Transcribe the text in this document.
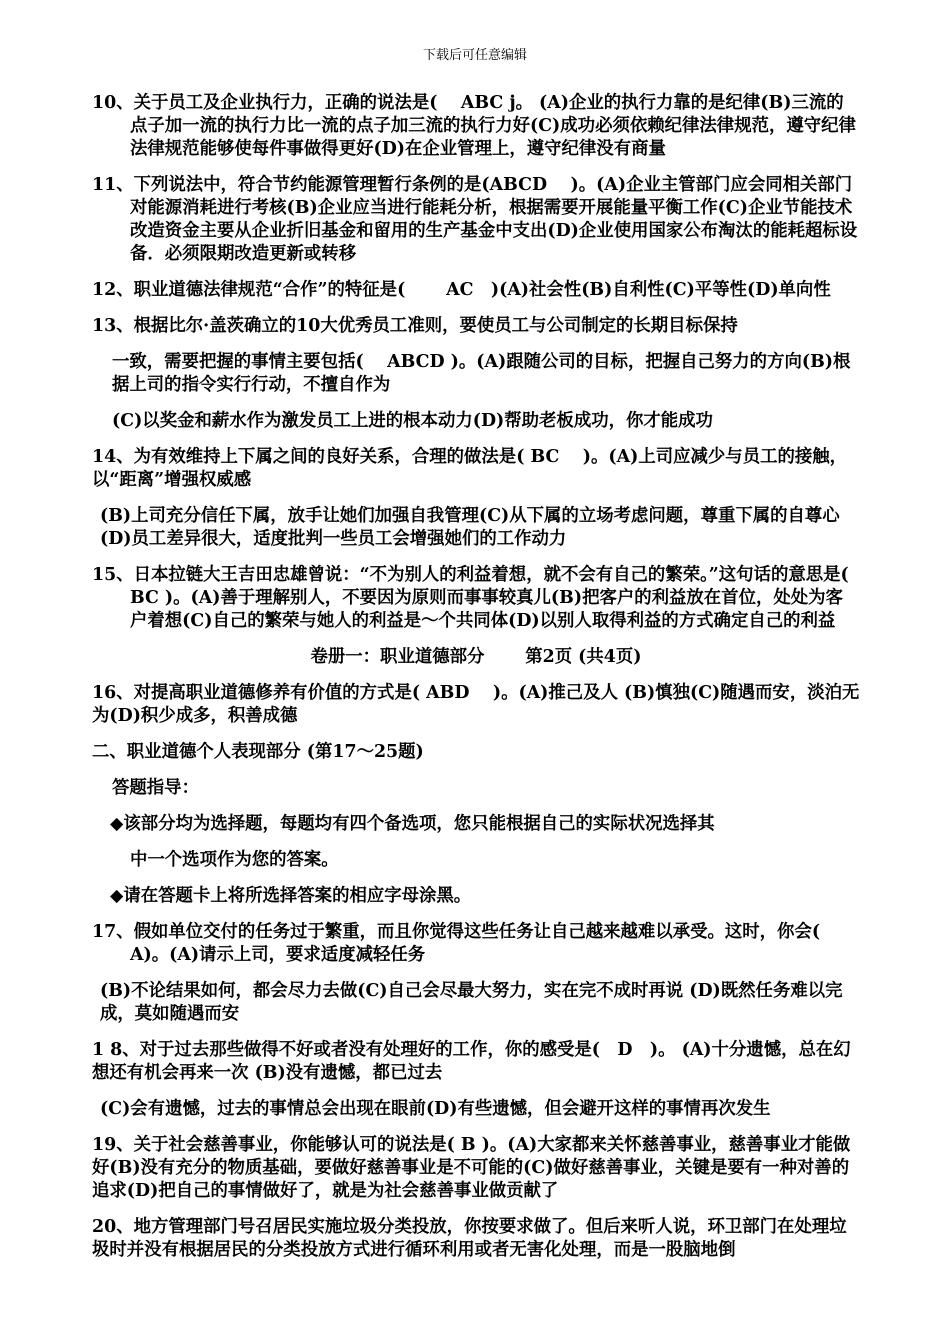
下载后可任意编辑

10、关于员工及企业执行力，正确的说法是(　 ABC j。 (A)企业的执行力靠的是纪律(B)三流的点子加一流的执行力比一流的点子加三流的执行力好(C)成功必须依赖纪律法律规范，遵守纪律法律规范能够使每件事做得更好(D)在企业管理上，遵守纪律没有商量

11、下列说法中，符合节约能源管理暂行条例的是(ABCD　 )。(A)企业主管部门应会同相关部门对能源消耗进行考核(B)企业应当进行能耗分析，根据需要开展能量平衡工作(C)企业节能技术改造资金主要从企业折旧基金和留用的生产基金中支出(D)企业使用国家公布淘汰的能耗超标设备．必须限期改造更新或转移

12、职业道德法律规范“合作”的特征是(　　 AC　)(A)社会性(B)自利性(C)平等性(D)单向性

13、根据比尔·盖茨确立的10大优秀员工准则，要使员工与公司制定的长期目标保持

一致，需要把握的事情主要包括(　 ABCD )。(A)跟随公司的目标，把握自己努力的方向(B)根据上司的指令实行行动，不擅自作为

(C)以奖金和薪水作为激发员工上进的根本动力(D)帮助老板成功，你才能成功

14、为有效维持上下属之间的良好关系，合理的做法是( BC　 )。(A)上司应减少与员工的接触，以“距离”增强权威感

(B)上司充分信任下属，放手让她们加强自我管理(C)从下属的立场考虑问题，尊重下属的自尊心(D)员工差异很大，适度批判一些员工会增强她们的工作动力

15、日本拉链大王吉田忠雄曾说：“不为别人的利益着想，就不会有自己的繁荣。”这句话的意思是( BC )。(A)善于理解别人，不要因为原则而事事较真儿(B)把客户的利益放在首位，处处为客户着想(C)自己的繁荣与她人的利益是～个共同体(D)以别人取得利益的方式确定自己的利益

卷册一：职业道德部分　　 第2页 (共4页)

16、对提高职业道德修养有价值的方式是( ABD　 )。(A)推己及人 (B)慎独(C)随遇而安，淡泊无为(D)积少成多，积善成德

二、职业道德个人表现部分 (第17～25题)

答题指导：

◆该部分均为选择题，每题均有四个备选项，您只能根据自己的实际状况选择其

中一个选项作为您的答案。

◆请在答题卡上将所选择答案的相应字母涂黑。

17、假如单位交付的任务过于繁重，而且你觉得这些任务让自己越来越难以承受。这时，你会(　A)。(A)请示上司，要求适度减轻任务

(B)不论结果如何，都会尽力去做(C)自己会尽最大努力，实在完不成时再说 (D)既然任务难以完成，莫如随遇而安

1 8、对于过去那些做得不好或者没有处理好的工作，你的感受是(　D　)。 (A)十分遗憾，总在幻想还有机会再来一次 (B)没有遗憾，都已过去

(C)会有遗憾，过去的事情总会出现在眼前(D)有些遗憾，但会避开这样的事情再次发生

19、关于社会慈善事业，你能够认可的说法是( B )。(A)大家都来关怀慈善事业，慈善事业才能做好(B)没有充分的物质基础，要做好慈善事业是不可能的(C)做好慈善事业，关键是要有一种对善的追求(D)把自己的事情做好了，就是为社会慈善事业做贡献了

20、地方管理部门号召居民实施垃圾分类投放，你按要求做了。但后来听人说，环卫部门在处理垃圾时并没有根据居民的分类投放方式进行循环利用或者无害化处理，而是一股脑地倒
